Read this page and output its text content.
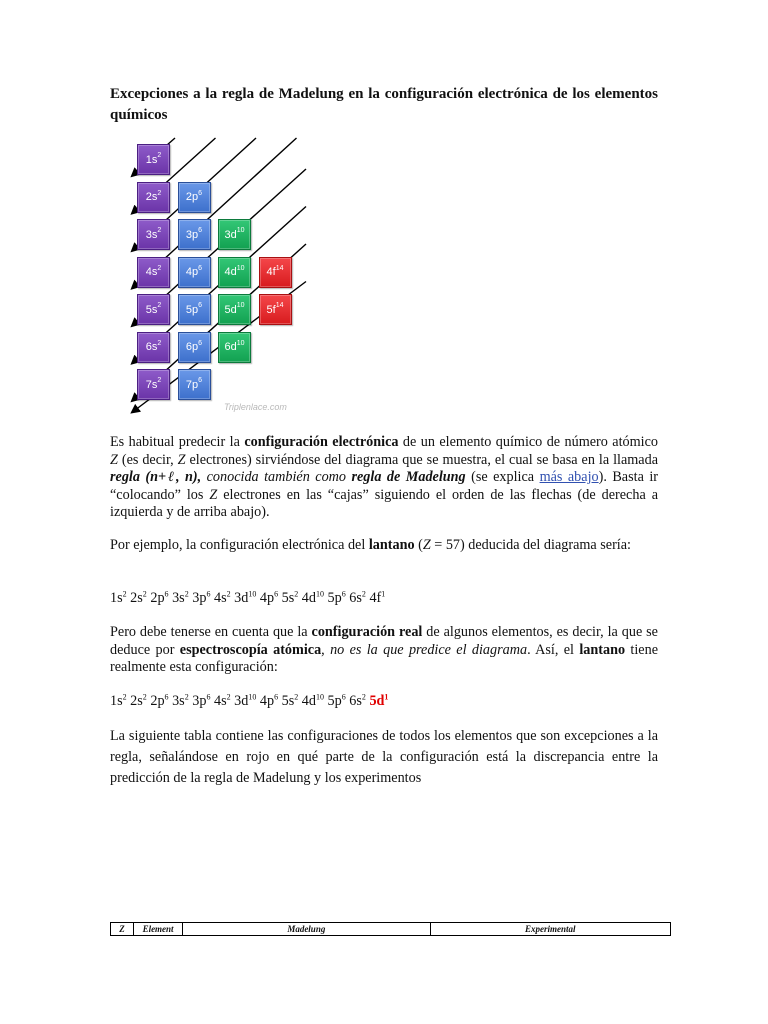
Excepciones a la regla de Madelung en la configuración electrónica de los elementos químicos
$1s^2$
$2s^2$ $2p^6$
$3s^2$ $3p^6$ $3d^{10}$
$4s^2$ $4p^6$ $4d^{10}$ $4f^{14}$
$5s^2$ $5p^6$ $5d^{10}$ $5f^{14}$
$6s^2$ $6p^6$ $6d^{10}$
$7s^2$ $7p^6$
Triplenlace.com
Es habitual predecir la configuración electrónica de un elemento químico de número atómico Z (es decir, Z electrones) sirviéndose del diagrama que se muestra, el cual se basa en la llamada regla (n+ℓ, n), conocida también como regla de Madelung (se explica más abajo). Basta ir “colocando” los Z electrones en las “cajas” siguiendo el orden de las flechas (de derecha a izquierda y de arriba abajo).
Por ejemplo, la configuración electrónica del lantano (Z = 57) deducida del diagrama sería:
$1s^2$ $2s^2$ $2p^6$ $3s^2$ $3p^6$ $4s^2$ $3d^{10}$ $4p^6$ $5s^2$ $4d^{10}$ $5p^6$ $6s^2$ $4f^1$
Pero debe tenerse en cuenta que la configuración real de algunos elementos, es decir, la que se deduce por espectroscopía atómica, no es la que predice el diagrama. Así, el lantano tiene realmente esta configuración:
$1s^2$ $2s^2$ $2p^6$ $3s^2$ $3p^6$ $4s^2$ $3d^{10}$ $4p^6$ $5s^2$ $4d^{10}$ $5p^6$ $6s^2$ $5d^1$
La siguiente tabla contiene las configuraciones de todos los elementos que son excepciones a la regla, señalándose en rojo en qué parte de la configuración está la discrepancia entre la predicción de la regla de Madelung y los experimentos
Z	Element	Madelung	Experimental
